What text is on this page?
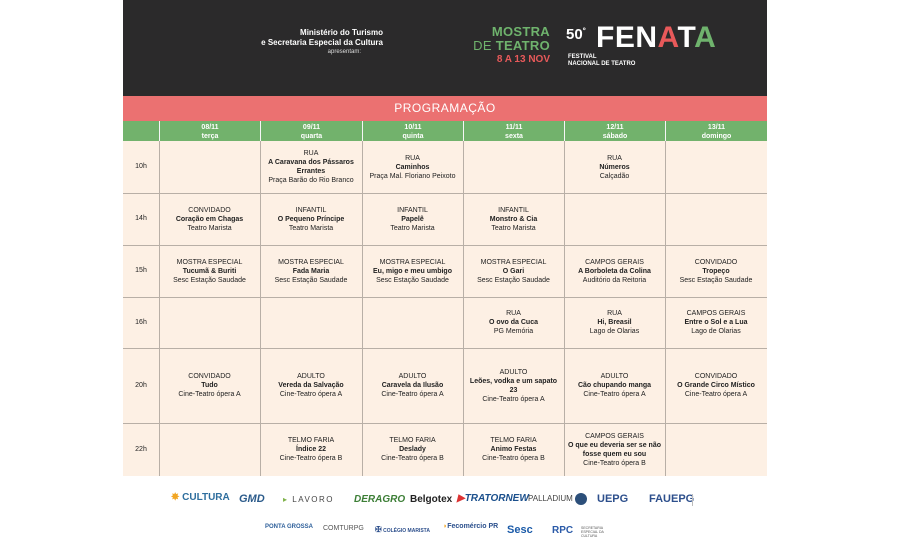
Ministério do Turismo
e Secretaria Especial da Cultura
apresentam:
MOSTRA
DE TEATRO
8 A 13 NOV
$50^º$ FENATA
FESTIVAL
NACIONAL DE TEATRO
PROGRAMAÇÃO
08/11
terça
09/11
quarta
10/11
quinta
11/11
sexta
12/11
sábado
13/11
domingo
10h
14h
15h
16h
20h
22h
RUA
A Caravana dos Pássaros Errantes
Praça Barão do Rio Branco
RUA
Caminhos
Praça Mal. Floriano Peixoto
RUA
Números
Calçadão
CONVIDADO
Coração em Chagas
Teatro Marista
INFANTIL
O Pequeno Príncipe
Teatro Marista
INFANTIL
Papelê
Teatro Marista
INFANTIL
Monstro & Cia
Teatro Marista
MOSTRA ESPECIAL
Tucumã & Buriti
Sesc Estação Saudade
MOSTRA ESPECIAL
Fada Maria
Sesc Estação Saudade
MOSTRA ESPECIAL
Eu, migo e meu umbigo
Sesc Estação Saudade
MOSTRA ESPECIAL
O Gari
Sesc Estação Saudade
CAMPOS GERAIS
A Borboleta da Colina
Auditório da Reitoria
CONVIDADO
Tropeço
Sesc Estação Saudade
RUA
O ovo da Cuca
PG Memória
RUA
Hi, Breasil
Lago de Olarias
CAMPOS GERAIS
Entre o Sol e a Lua
Lago de Olarias
CONVIDADO
Tudo
Cine-Teatro ópera A
ADULTO
Vereda da Salvação
Cine-Teatro ópera A
ADULTO
Caravela da Ilusão
Cine-Teatro ópera A
ADULTO
Leões, vodka e um sapato 23
Cine-Teatro ópera A
ADULTO
Cão chupando manga
Cine-Teatro ópera A
CONVIDADO
O Grande Circo Místico
Cine-Teatro ópera A
TELMO FARIA
Índice 22
Cine-Teatro ópera B
TELMO FARIA
Deslady
Cine-Teatro ópera B
TELMO FARIA
Animo Festas
Cine-Teatro ópera B
CAMPOS GERAIS
O que eu deveria ser se não fosse quem eu sou
Cine-Teatro ópera B
✸ CULTURA GMD ▸ LAVORO DERAGRO Belgotex ▶TRATORNEW PALLADIUM	UEPG FAUEPG
PONTA GROSSA COMTURPG ✠ COLÉGIO MARISTA
◗Fecomércio PR Sesc RPC SECRETARIA ESPECIAL DA CULTURA
